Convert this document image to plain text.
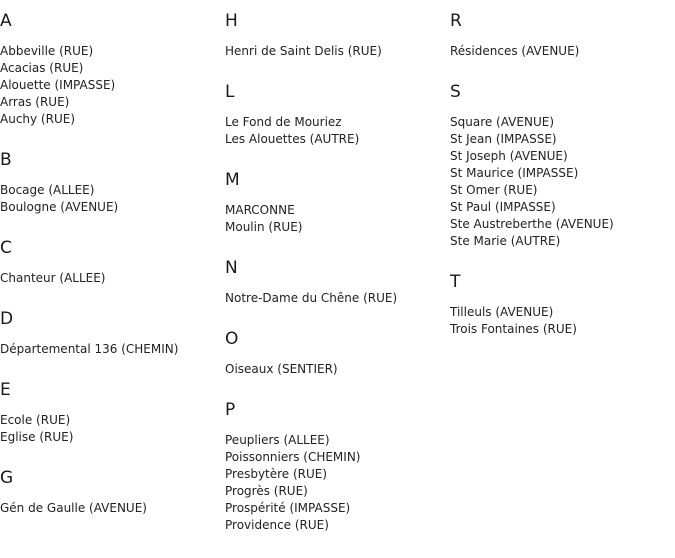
A
Abbeville (RUE)
Acacias (RUE)
Alouette (IMPASSE)
Arras (RUE)
Auchy (RUE)
B
Bocage (ALLEE)
Boulogne (AVENUE)
C
Chanteur (ALLEE)
D
Départemental 136 (CHEMIN)
E
Ecole (RUE)
Eglise (RUE)
G
Gén de Gaulle (AVENUE)
H
Henri de Saint Delis (RUE)
L
Le Fond de Mouriez
Les Alouettes (AUTRE)
M
MARCONNE
Moulin (RUE)
N
Notre-Dame du Chêne (RUE)
O
Oiseaux (SENTIER)
P
Peupliers (ALLEE)
Poissonniers (CHEMIN)
Presbytère (RUE)
Progrès (RUE)
Prospérité (IMPASSE)
Providence (RUE)
R
Résidences (AVENUE)
S
Square (AVENUE)
St Jean (IMPASSE)
St Joseph (AVENUE)
St Maurice (IMPASSE)
St Omer (RUE)
St Paul (IMPASSE)
Ste Austreberthe (AVENUE)
Ste Marie (AUTRE)
T
Tilleuls (AVENUE)
Trois Fontaines (RUE)
